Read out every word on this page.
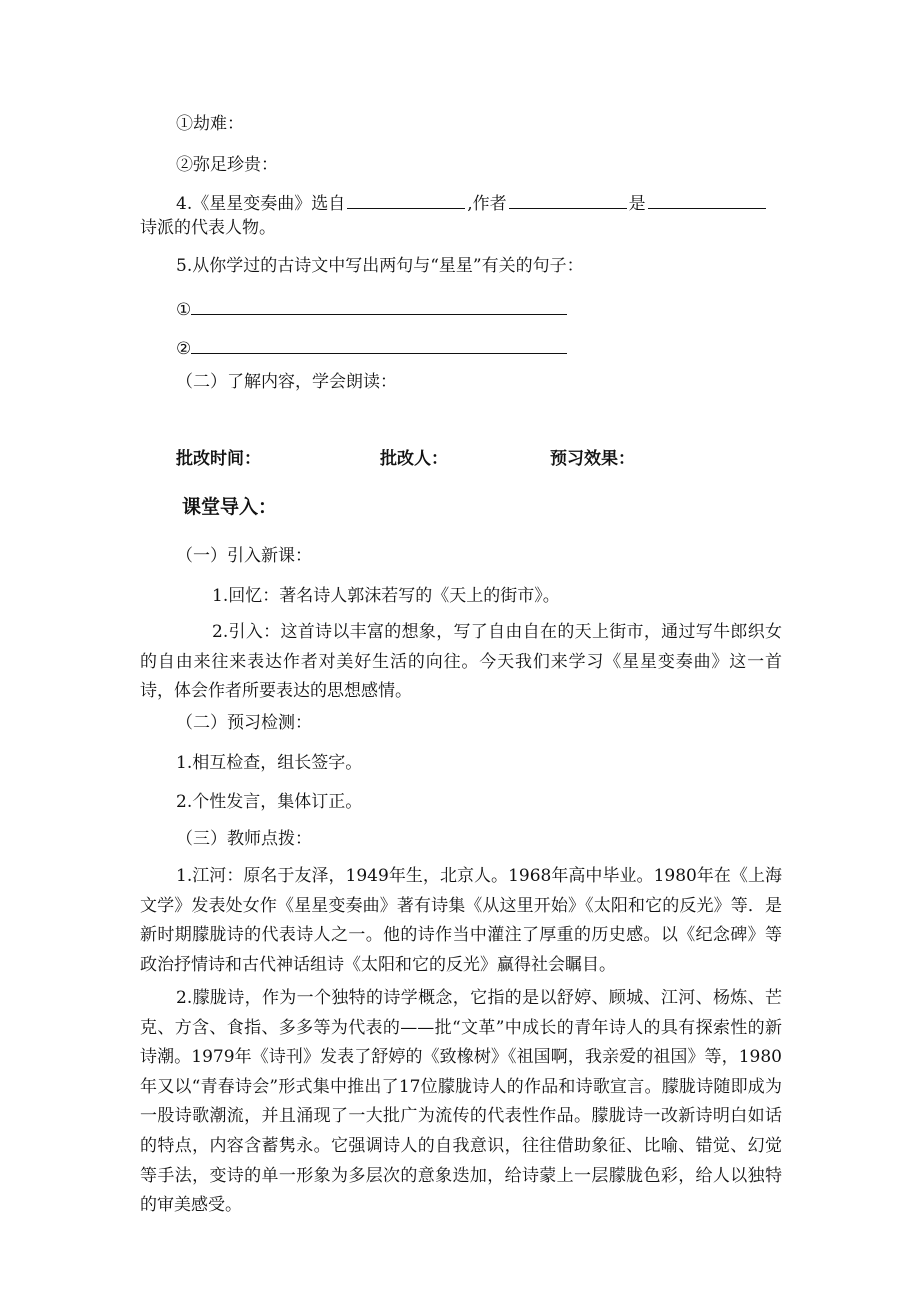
①劫难：
②弥足珍贵：
4.《星星变奏曲》选自	,作者	是
诗派的代表人物。
5.从你学过的古诗文中写出两句与“星星”有关的句子：
①
②
（二）了解内容，学会朗读：
批改时间：	批改人：	预习效果：
课堂导入：
（一）引入新课：
1.回忆：著名诗人郭沫若写的《天上的街市》。
2.引入：这首诗以丰富的想象，写了自由自在的天上街市，通过写牛郎织女的自由来往来表达作者对美好生活的向往。今天我们来学习《星星变奏曲》这一首诗，体会作者所要表达的思想感情。
（二）预习检测：
1.相互检查，组长签字。
2.个性发言，集体订正。
（三）教师点拨：
1.江河：原名于友泽，1949年生，北京人。1968年高中毕业。1980年在《上海文学》发表处女作《星星变奏曲》著有诗集《从这里开始》《太阳和它的反光》等．是新时期朦胧诗的代表诗人之一。他的诗作当中灌注了厚重的历史感。以《纪念碑》等政治抒情诗和古代神话组诗《太阳和它的反光》赢得社会瞩目。
2.朦胧诗，作为一个独特的诗学概念，它指的是以舒婷、顾城、江河、杨炼、芒克、方含、食指、多多等为代表的——批“文革”中成长的青年诗人的具有探索性的新诗潮。1979年《诗刊》发表了舒婷的《致橡树》《祖国啊，我亲爱的祖国》等，1980年又以“青春诗会”形式集中推出了17位朦胧诗人的作品和诗歌宣言。朦胧诗随即成为一股诗歌潮流，并且涌现了一大批广为流传的代表性作品。朦胧诗一改新诗明白如话的特点，内容含蓄隽永。它强调诗人的自我意识，往往借助象征、比喻、错觉、幻觉等手法，变诗的单一形象为多层次的意象迭加，给诗蒙上一层朦胧色彩，给人以独特的审美感受。
